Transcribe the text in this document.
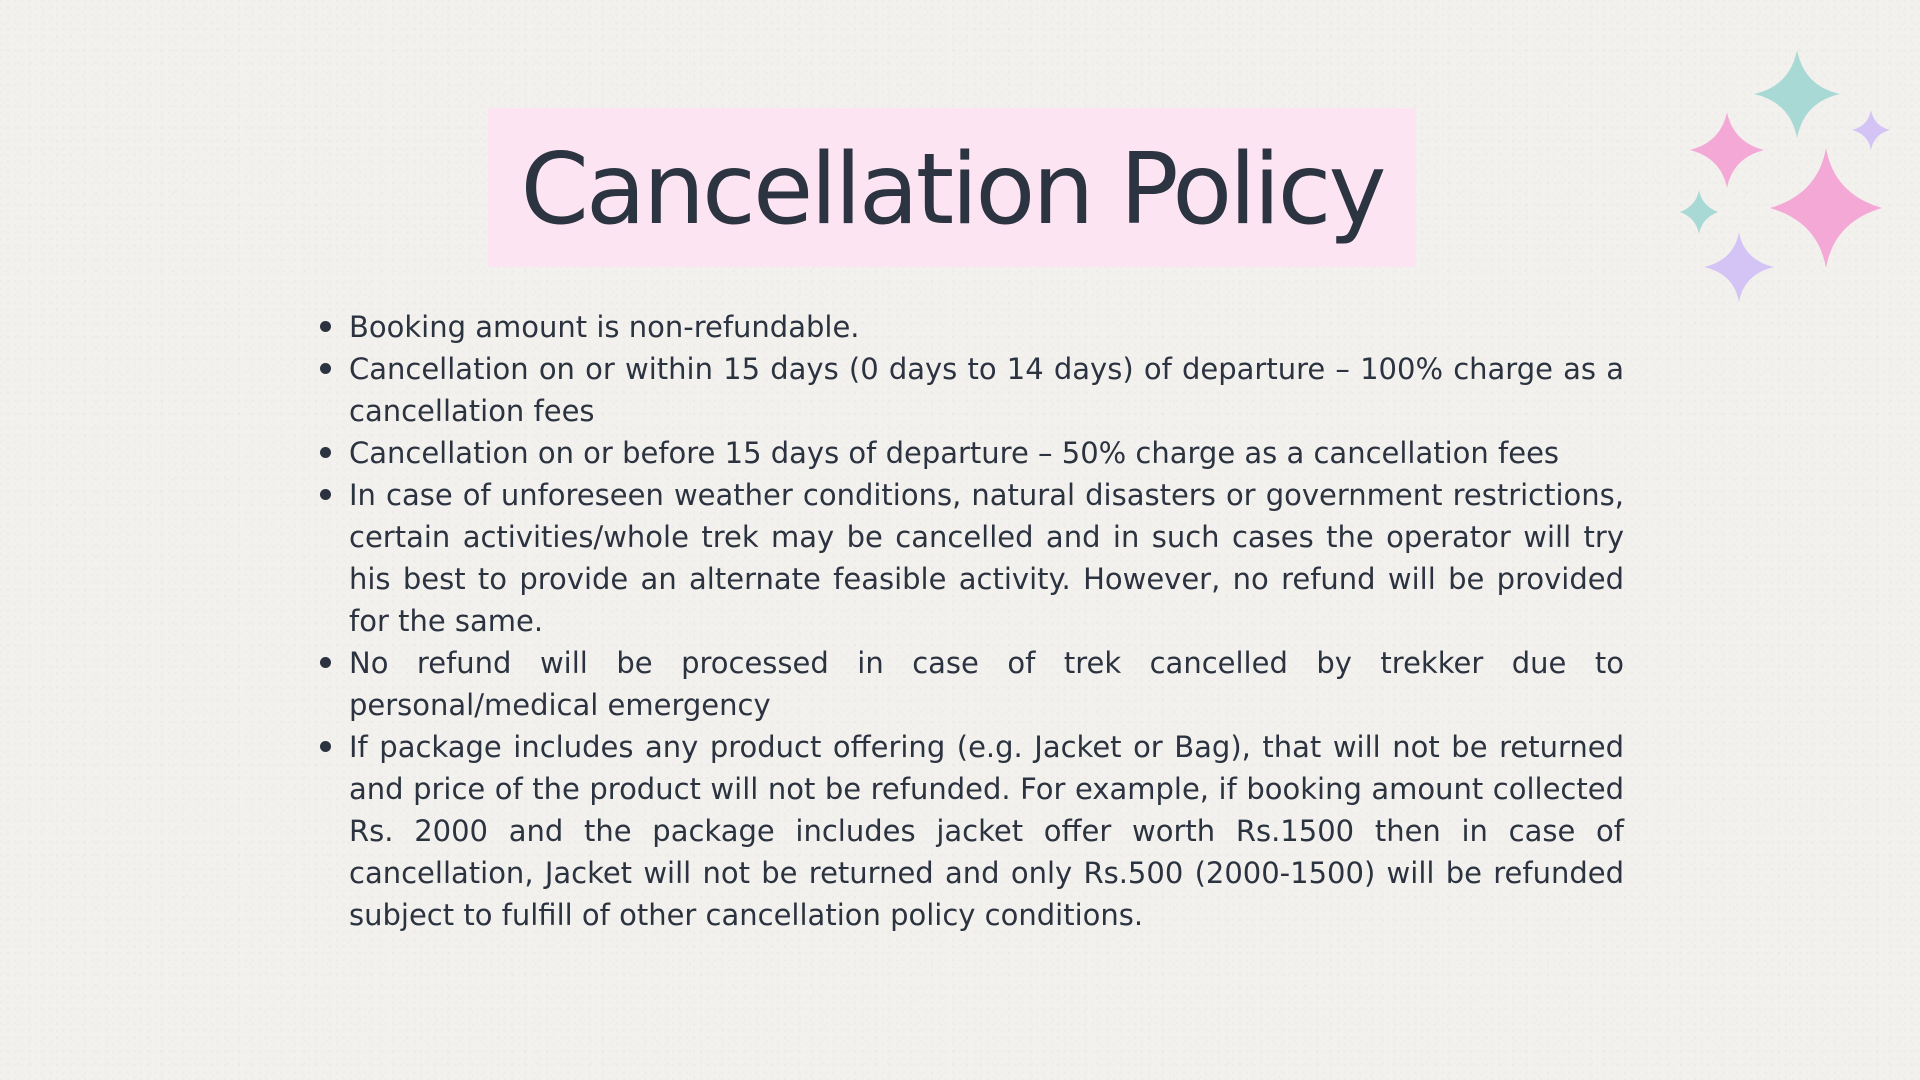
Cancellation Policy
Booking amount is non-refundable.
Cancellation on or within 15 days (0 days to 14 days) of departure – 100% charge as a cancellation fees
Cancellation on or before 15 days of departure – 50% charge as a cancellation fees
In case of unforeseen weather conditions, natural disasters or government restrictions, certain activities/whole trek may be cancelled and in such cases the operator will try his best to provide an alternate feasible activity. However, no refund will be provided for the same.
No refund will be processed in case of trek cancelled by trekker due to personal/medical emergency
If package includes any product offering (e.g. Jacket or Bag), that will not be returned and price of the product will not be refunded. For example, if booking amount collected Rs. 2000 and the package includes jacket offer worth Rs.1500 then in case of cancellation, Jacket will not be returned and only Rs.500 (2000-1500) will be refunded subject to fulfill of other cancellation policy conditions.
